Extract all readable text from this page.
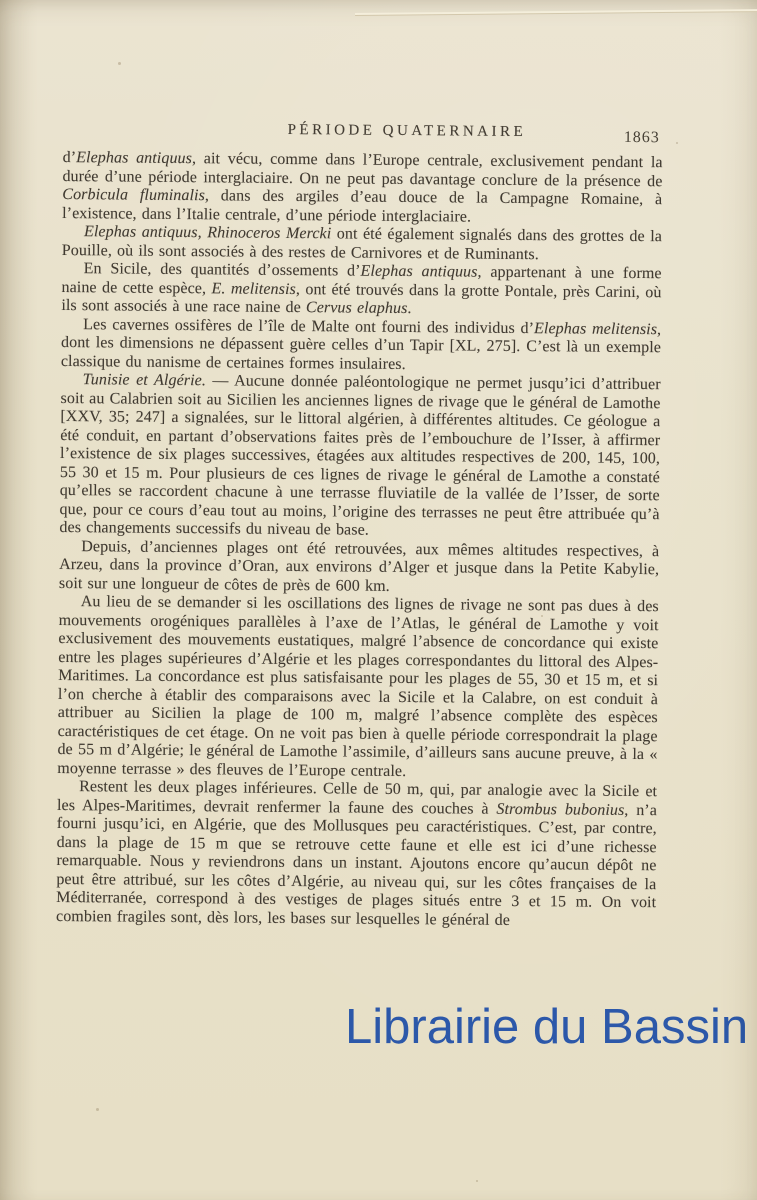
PÉRIODE QUATERNAIRE	1863

d’Elephas antiquus, ait vécu, comme dans l’Europe centrale, exclusivement pendant la durée d’une période interglaciaire. On ne peut pas davantage conclure de la présence de Corbicula fluminalis, dans des argiles d’eau douce de la Campagne Romaine, à l’existence, dans l’Italie centrale, d’une période interglaciaire.

Elephas antiquus, Rhinoceros Mercki ont été également signalés dans des grottes de la Pouille, où ils sont associés à des restes de Carnivores et de Ruminants.

En Sicile, des quantités d’ossements d’Elephas antiquus, appartenant à une forme naine de cette espèce, E. melitensis, ont été trouvés dans la grotte Pontale, près Carini, où ils sont associés à une race naine de Cervus elaphus.

Les cavernes ossifères de l’île de Malte ont fourni des individus d’Elephas melitensis, dont les dimensions ne dépassent guère celles d’un Tapir [XL, 275]. C’est là un exemple classique du nanisme de certaines formes insulaires.

Tunisie et Algérie. — Aucune donnée paléontologique ne permet jusqu’ici d’attribuer soit au Calabrien soit au Sicilien les anciennes lignes de rivage que le général de Lamothe [XXV, 35; 247] a signalées, sur le littoral algérien, à différentes altitudes. Ce géologue a été conduit, en partant d’observations faites près de l’embouchure de l’Isser, à affirmer l’existence de six plages successives, étagées aux altitudes respectives de 200, 145, 100, 55 30 et 15 m. Pour plusieurs de ces lignes de rivage le général de Lamothe a constaté qu’elles se raccordent chacune à une terrasse fluviatile de la vallée de l’Isser, de sorte que, pour ce cours d’eau tout au moins, l’origine des terrasses ne peut être attribuée qu’à des changements successifs du niveau de base.

Depuis, d’anciennes plages ont été retrouvées, aux mêmes altitudes respectives, à Arzeu, dans la province d’Oran, aux environs d’Alger et jusque dans la Petite Kabylie, soit sur une longueur de côtes de près de 600 km.

Au lieu de se demander si les oscillations des lignes de rivage ne sont pas dues à des mouvements orogéniques parallèles à l’axe de l’Atlas, le général de Lamothe y voit exclusivement des mouvements eustatiques, malgré l’absence de concordance qui existe entre les plages supérieures d’Algérie et les plages correspondantes du littoral des Alpes-Maritimes. La concordance est plus satisfaisante pour les plages de 55, 30 et 15 m, et si l’on cherche à établir des comparaisons avec la Sicile et la Calabre, on est conduit à attribuer au Sicilien la plage de 100 m, malgré l’absence complète des espèces caractéristiques de cet étage. On ne voit pas bien à quelle période correspondrait la plage de 55 m d’Algérie; le général de Lamothe l’assimile, d’ailleurs sans aucune preuve, à la « moyenne terrasse » des fleuves de l’Europe centrale.

Restent les deux plages inférieures. Celle de 50 m, qui, par analogie avec la Sicile et les Alpes-Maritimes, devrait renfermer la faune des couches à Strombus bubonius, n’a fourni jusqu’ici, en Algérie, que des Mollusques peu caractéristiques. C’est, par contre, dans la plage de 15 m que se retrouve cette faune et elle est ici d’une richesse remarquable. Nous y reviendrons dans un instant. Ajoutons encore qu’aucun dépôt ne peut être attribué, sur les côtes d’Algérie, au niveau qui, sur les côtes françaises de la Méditerranée, correspond à des vestiges de plages situés entre 3 et 15 m. On voit combien fragiles sont, dès lors, les bases sur lesquelles le général de

Librairie du Bassin
